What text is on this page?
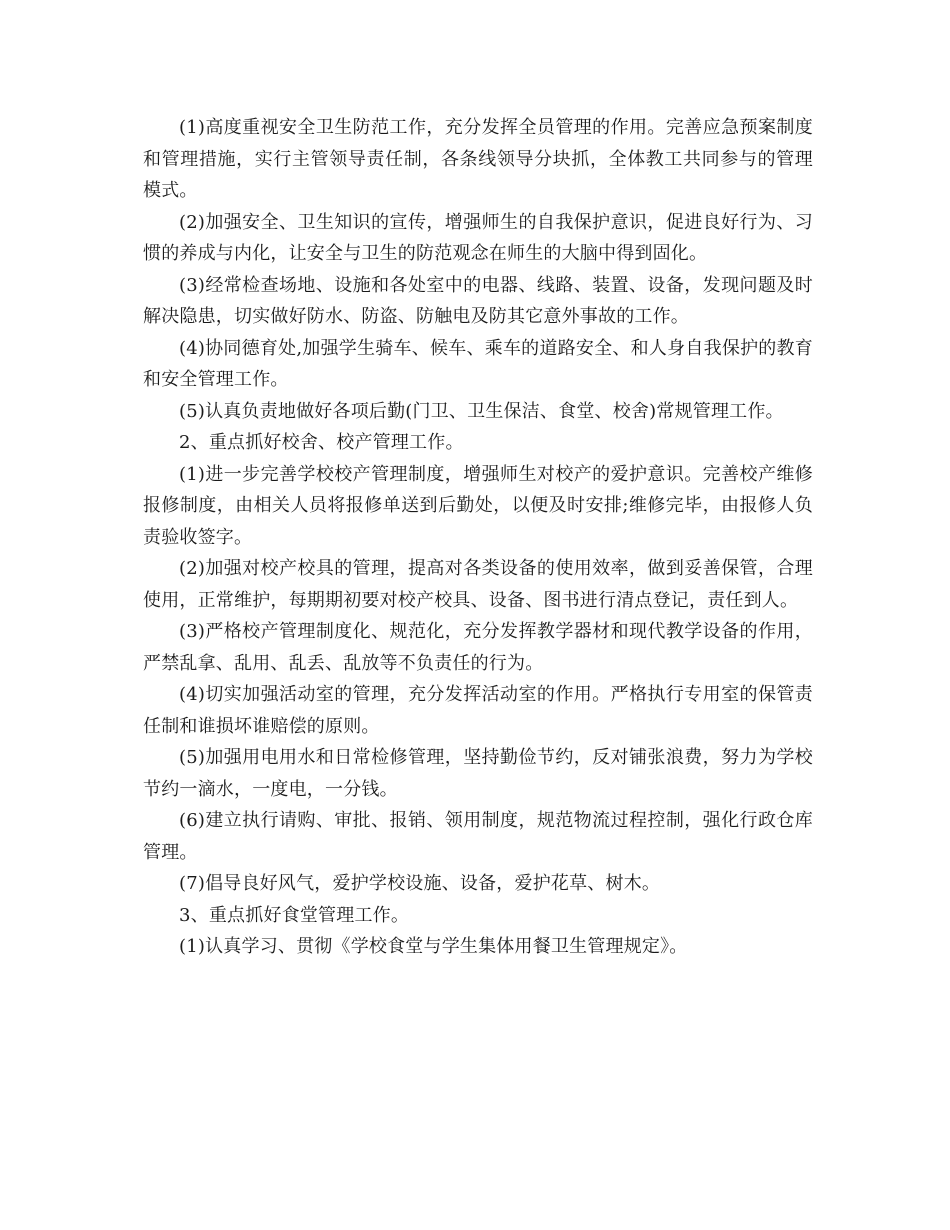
(1)高度重视安全卫生防范工作，充分发挥全员管理的作用。完善应急预案制度和管理措施，实行主管领导责任制，各条线领导分块抓，全体教工共同参与的管理模式。

(2)加强安全、卫生知识的宣传，增强师生的自我保护意识，促进良好行为、习惯的养成与内化，让安全与卫生的防范观念在师生的大脑中得到固化。

(3)经常检查场地、设施和各处室中的电器、线路、装置、设备，发现问题及时解决隐患，切实做好防水、防盗、防触电及防其它意外事故的工作。

(4)协同德育处,加强学生骑车、候车、乘车的道路安全、和人身自我保护的教育和安全管理工作。

(5)认真负责地做好各项后勤(门卫、卫生保洁、食堂、校舍)常规管理工作。

2、重点抓好校舍、校产管理工作。

(1)进一步完善学校校产管理制度，增强师生对校产的爱护意识。完善校产维修报修制度，由相关人员将报修单送到后勤处，以便及时安排;维修完毕，由报修人负责验收签字。

(2)加强对校产校具的管理，提高对各类设备的使用效率，做到妥善保管，合理使用，正常维护，每期期初要对校产校具、设备、图书进行清点登记，责任到人。

(3)严格校产管理制度化、规范化，充分发挥教学器材和现代教学设备的作用，严禁乱拿、乱用、乱丢、乱放等不负责任的行为。

(4)切实加强活动室的管理，充分发挥活动室的作用。严格执行专用室的保管责任制和谁损坏谁赔偿的原则。

(5)加强用电用水和日常检修管理，坚持勤俭节约，反对铺张浪费，努力为学校节约一滴水，一度电，一分钱。

(6)建立执行请购、审批、报销、领用制度，规范物流过程控制，强化行政仓库管理。

(7)倡导良好风气，爱护学校设施、设备，爱护花草、树木。

3、重点抓好食堂管理工作。

(1)认真学习、贯彻《学校食堂与学生集体用餐卫生管理规定》。
